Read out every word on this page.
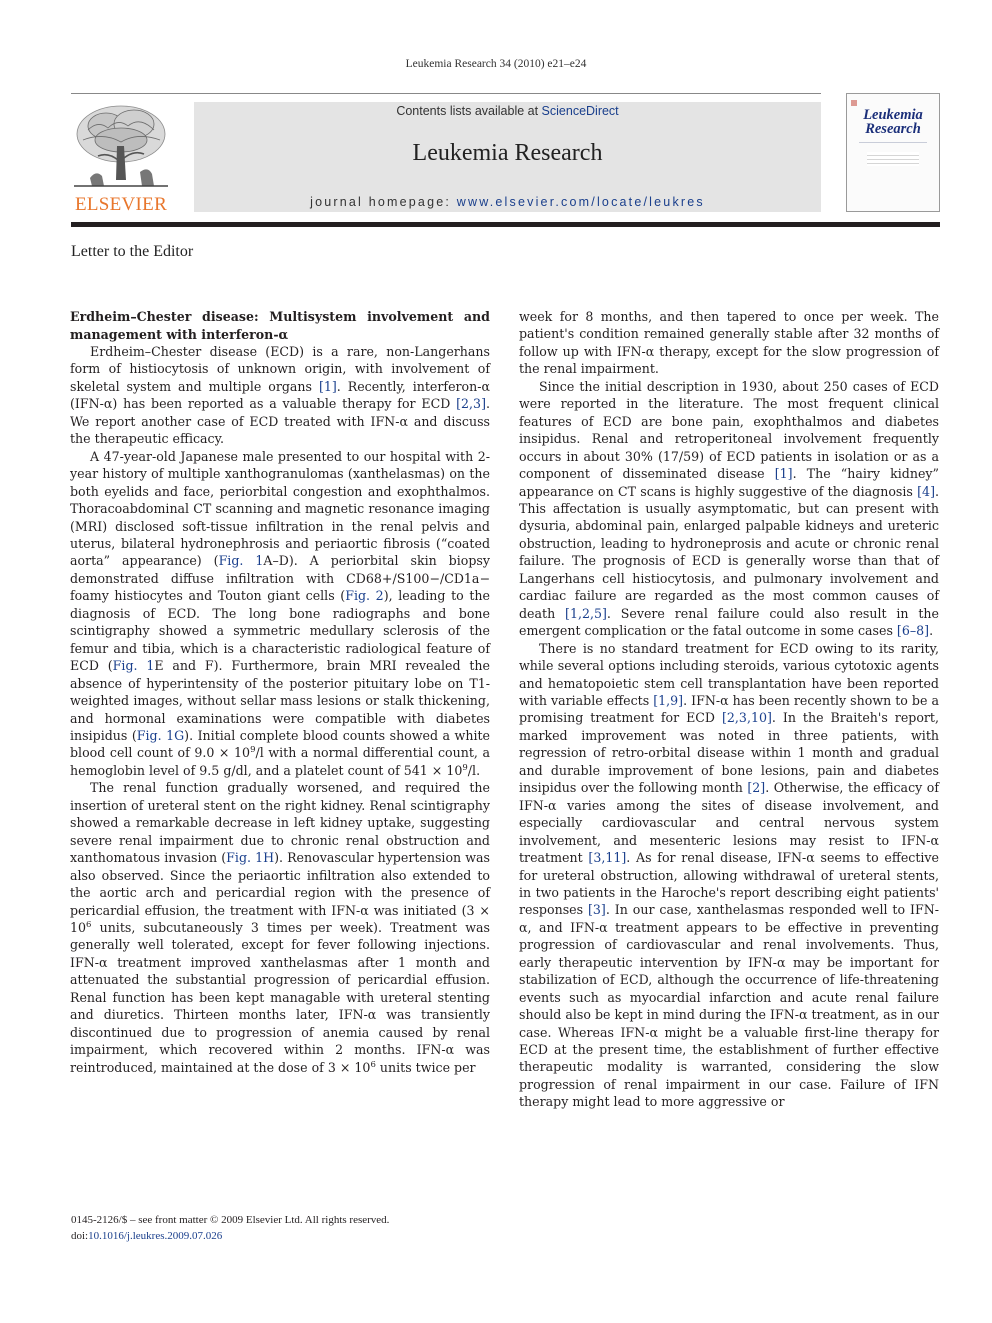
Leukemia Research 34 (2010) e21–e24
ELSEVIER
Contents lists available at ScienceDirect
Leukemia Research
journal homepage: www.elsevier.com/locate/leukres
Leukemia
Research
Letter to the Editor

Erdheim–Chester disease: Multisystem involvement and management with interferon-α

Erdheim–Chester disease (ECD) is a rare, non-Langerhans form of histiocytosis of unknown origin, with involvement of skeletal system and multiple organs [1]. Recently, interferon-α (IFN-α) has been reported as a valuable therapy for ECD [2,3]. We report another case of ECD treated with IFN-α and discuss the therapeutic efficacy.

A 47-year-old Japanese male presented to our hospital with 2-year history of multiple xanthogranulomas (xanthelasmas) on the both eyelids and face, periorbital congestion and exophthalmos. Thoracoabdominal CT scanning and magnetic resonance imaging (MRI) disclosed soft-tissue infiltration in the renal pelvis and uterus, bilateral hydronephrosis and periaortic fibrosis (“coated aorta” appearance) (Fig. 1A–D). A periorbital skin biopsy demonstrated diffuse infiltration with CD68+/S100−/CD1a− foamy histiocytes and Touton giant cells (Fig. 2), leading to the diagnosis of ECD. The long bone radiographs and bone scintigraphy showed a symmetric medullary sclerosis of the femur and tibia, which is a characteristic radiological feature of ECD (Fig. 1E and F). Furthermore, brain MRI revealed the absence of hyperintensity of the posterior pituitary lobe on T1-weighted images, without sellar mass lesions or stalk thickening, and hormonal examinations were compatible with diabetes insipidus (Fig. 1G). Initial complete blood counts showed a white blood cell count of $9.0 \times 10^9/l$ with a normal differential count, a hemoglobin level of 9.5 g/dl, and a platelet count of $541 \times 10^9/l$.

The renal function gradually worsened, and required the insertion of ureteral stent on the right kidney. Renal scintigraphy showed a remarkable decrease in left kidney uptake, suggesting severe renal impairment due to chronic renal obstruction and xanthomatous invasion (Fig. 1H). Renovascular hypertension was also observed. Since the periaortic infiltration also extended to the aortic arch and pericardial region with the presence of pericardial effusion, the treatment with IFN-α was initiated ($3 \times 10^6$ units, subcutaneously 3 times per week). Treatment was generally well tolerated, except for fever following injections. IFN-α treatment improved xanthelasmas after 1 month and attenuated the substantial progression of pericardial effusion. Renal function has been kept managable with ureteral stenting and diuretics. Thirteen months later, IFN-α was transiently discontinued due to progression of anemia caused by renal impairment, which recovered within 2 months. IFN-α was reintroduced, maintained at the dose of $3 \times 10^6$ units twice per

week for 8 months, and then tapered to once per week. The patient's condition remained generally stable after 32 months of follow up with IFN-α therapy, except for the slow progression of the renal impairment.

Since the initial description in 1930, about 250 cases of ECD were reported in the literature. The most frequent clinical features of ECD are bone pain, exophthalmos and diabetes insipidus. Renal and retroperitoneal involvement frequently occurs in about 30% (17/59) of ECD patients in isolation or as a component of disseminated disease [1]. The “hairy kidney” appearance on CT scans is highly suggestive of the diagnosis [4]. This affectation is usually asymptomatic, but can present with dysuria, abdominal pain, enlarged palpable kidneys and ureteric obstruction, leading to hydroneprosis and acute or chronic renal failure. The prognosis of ECD is generally worse than that of Langerhans cell histiocytosis, and pulmonary involvement and cardiac failure are regarded as the most common causes of death [1,2,5]. Severe renal failure could also result in the emergent complication or the fatal outcome in some cases [6–8].

There is no standard treatment for ECD owing to its rarity, while several options including steroids, various cytotoxic agents and hematopoietic stem cell transplantation have been reported with variable effects [1,9]. IFN-α has been recently shown to be a promising treatment for ECD [2,3,10]. In the Braiteh's report, marked improvement was noted in three patients, with regression of retro-orbital disease within 1 month and gradual and durable improvement of bone lesions, pain and diabetes insipidus over the following month [2]. Otherwise, the efficacy of IFN-α varies among the sites of disease involvement, and especially cardiovascular and central nervous system involvement, and mesenteric lesions may resist to IFN-α treatment [3,11]. As for renal disease, IFN-α seems to effective for ureteral obstruction, allowing withdrawal of ureteral stents, in two patients in the Haroche's report describing eight patients' responses [3]. In our case, xanthelasmas responded well to IFN-α, and IFN-α treatment appears to be effective in preventing progression of cardiovascular and renal involvements. Thus, early therapeutic intervention by IFN-α may be important for stabilization of ECD, although the occurrence of life-threatening events such as myocardial infarction and acute renal failure should also be kept in mind during the IFN-α treatment, as in our case. Whereas IFN-α might be a valuable first-line therapy for ECD at the present time, the establishment of further effective therapeutic modality is warranted, considering the slow progression of renal impairment in our case. Failure of IFN therapy might lead to more aggressive or

0145-2126/$ – see front matter © 2009 Elsevier Ltd. All rights reserved.
doi:10.1016/j.leukres.2009.07.026
